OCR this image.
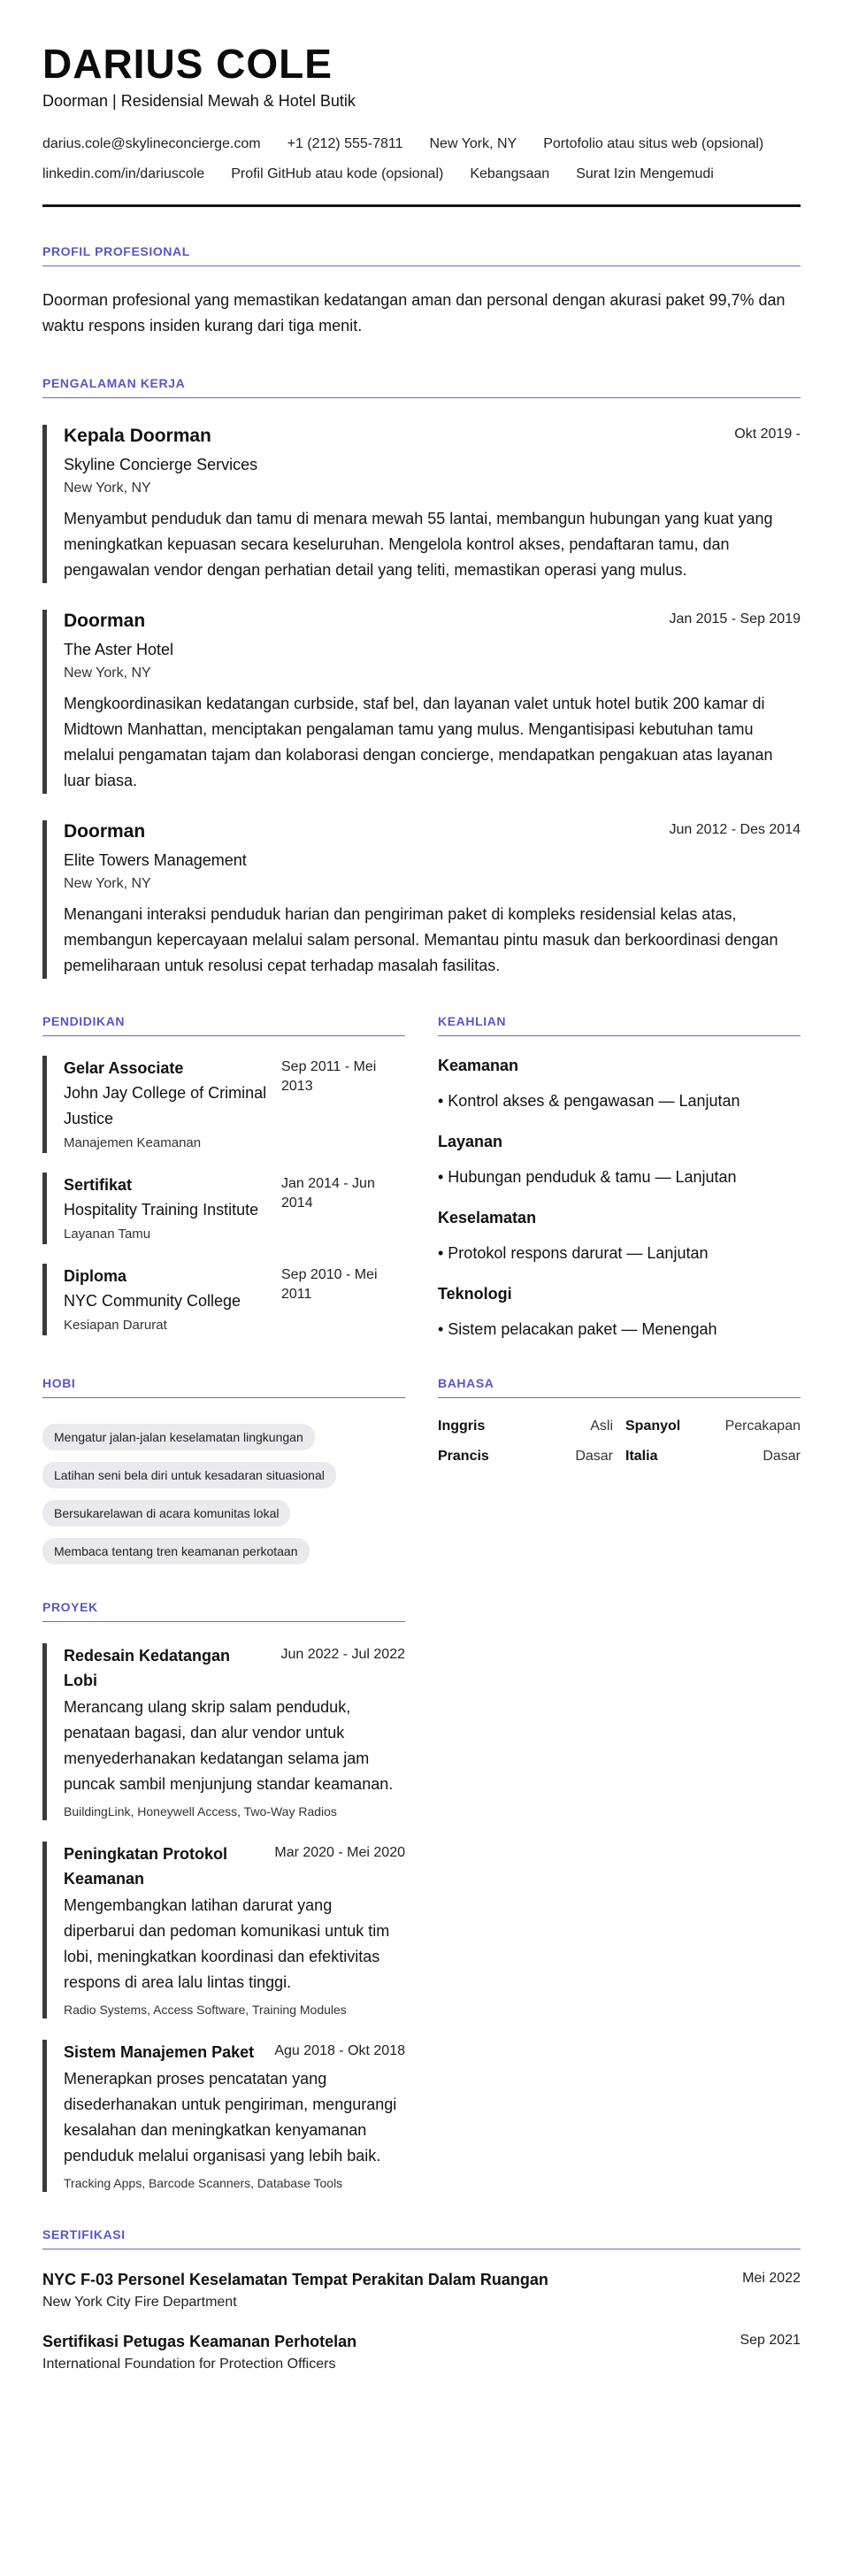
DARIUS COLE
Doorman | Residensial Mewah & Hotel Butik
darius.cole@skylineconcierge.com +1 (212) 555-7811 New York, NY Portofolio atau situs web (opsional)
linkedin.com/in/dariuscole Profil GitHub atau kode (opsional) Kebangsaan Surat Izin Mengemudi
PROFIL PROFESIONAL

Doorman profesional yang memastikan kedatangan aman dan personal dengan akurasi paket 99,7% dan waktu respons insiden kurang dari tiga menit.

PENGALAMAN KERJA
Kepala Doorman	Okt 2019 -
Skyline Concierge Services
New York, NY

Menyambut penduduk dan tamu di menara mewah 55 lantai, membangun hubungan yang kuat yang meningkatkan kepuasan secara keseluruhan. Mengelola kontrol akses, pendaftaran tamu, dan pengawalan vendor dengan perhatian detail yang teliti, memastikan operasi yang mulus.

Doorman	Jan 2015 - Sep 2019
The Aster Hotel
New York, NY

Mengkoordinasikan kedatangan curbside, staf bel, dan layanan valet untuk hotel butik 200 kamar di Midtown Manhattan, menciptakan pengalaman tamu yang mulus. Mengantisipasi kebutuhan tamu melalui pengamatan tajam dan kolaborasi dengan concierge, mendapatkan pengakuan atas layanan luar biasa.

Doorman	Jun 2012 - Des 2014
Elite Towers Management
New York, NY

Menangani interaksi penduduk harian dan pengiriman paket di kompleks residensial kelas atas, membangun kepercayaan melalui salam personal. Memantau pintu masuk dan berkoordinasi dengan pemeliharaan untuk resolusi cepat terhadap masalah fasilitas.

PENDIDIKAN
Gelar Associate
John Jay College of Criminal Justice
Sep 2011 - Mei 2013
Manajemen Keamanan
Sertifikat
Hospitality Training Institute
Jan 2014 - Jun 2014
Layanan Tamu
Diploma
NYC Community College
Sep 2010 - Mei 2011
Kesiapan Darurat
KEAHLIAN
Keamanan
• Kontrol akses & pengawasan — Lanjutan
Layanan
• Hubungan penduduk & tamu — Lanjutan
Keselamatan
• Protokol respons darurat — Lanjutan
Teknologi
• Sistem pelacakan paket — Menengah
HOBI
Mengatur jalan-jalan keselamatan lingkungan
Latihan seni bela diri untuk kesadaran situasional
Bersukarelawan di acara komunitas lokal
Membaca tentang tren keamanan perkotaan
BAHASA
Inggris	Asli Spanyol	Percakapan
Prancis	Dasar Italia	Dasar
PROYEK
Redesain Kedatangan Lobi
Jun 2022 - Jul 2022

Merancang ulang skrip salam penduduk, penataan bagasi, dan alur vendor untuk menyederhanakan kedatangan selama jam puncak sambil menjunjung standar keamanan.

BuildingLink, Honeywell Access, Two-Way Radios
Peningkatan Protokol Keamanan
Mar 2020 - Mei 2020

Mengembangkan latihan darurat yang diperbarui dan pedoman komunikasi untuk tim lobi, meningkatkan koordinasi dan efektivitas respons di area lalu lintas tinggi.

Radio Systems, Access Software, Training Modules
Sistem Manajemen Paket Agu 2018 - Okt 2018

Menerapkan proses pencatatan yang disederhanakan untuk pengiriman, mengurangi kesalahan dan meningkatkan kenyamanan penduduk melalui organisasi yang lebih baik.

Tracking Apps, Barcode Scanners, Database Tools
SERTIFIKASI
NYC F-03 Personel Keselamatan Tempat Perakitan Dalam Ruangan
New York City Fire Department
Mei 2022
Sertifikasi Petugas Keamanan Perhotelan
International Foundation for Protection Officers
Sep 2021
